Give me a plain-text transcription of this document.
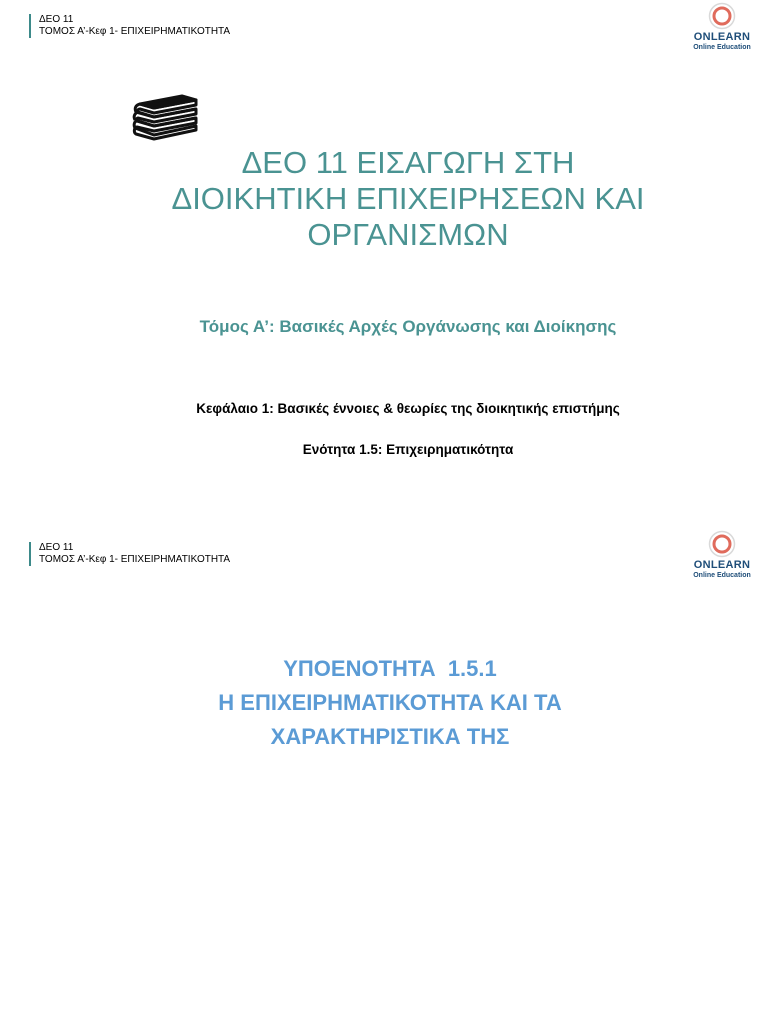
ΔΕΟ 11
ΤΟΜΟΣ Α’-Κεφ 1- ΕΠΙΧΕΙΡΗΜΑΤΙΚΟΤΗΤΑ	ONLEARN
Online Education
ΔΕΟ 11 ΕΙΣΑΓΩΓΗ ΣΤΗ
ΔΙΟΙΚΗΤΙΚΗ ΕΠΙΧΕΙΡΗΣΕΩΝ ΚΑΙ
ΟΡΓΑΝΙΣΜΩΝ
Τόμος Α’: Βασικές Αρχές Οργάνωσης και Διοίκησης
Κεφάλαιο 1: Βασικές έννοιες & θεωρίες της διοικητικής επιστήμης
Ενότητα 1.5: Επιχειρηματικότητα
ΔΕΟ 11
ΤΟΜΟΣ Α’-Κεφ 1- ΕΠΙΧΕΙΡΗΜΑΤΙΚΟΤΗΤΑ	ONLEARN
Online Education
ΥΠΟΕΝΟΤΗΤΑ  1.5.1
Η ΕΠΙΧΕΙΡΗΜΑΤΙΚΟΤΗΤΑ ΚΑΙ ΤΑ
ΧΑΡΑΚΤΗΡΙΣΤΙΚΑ ΤΗΣ
